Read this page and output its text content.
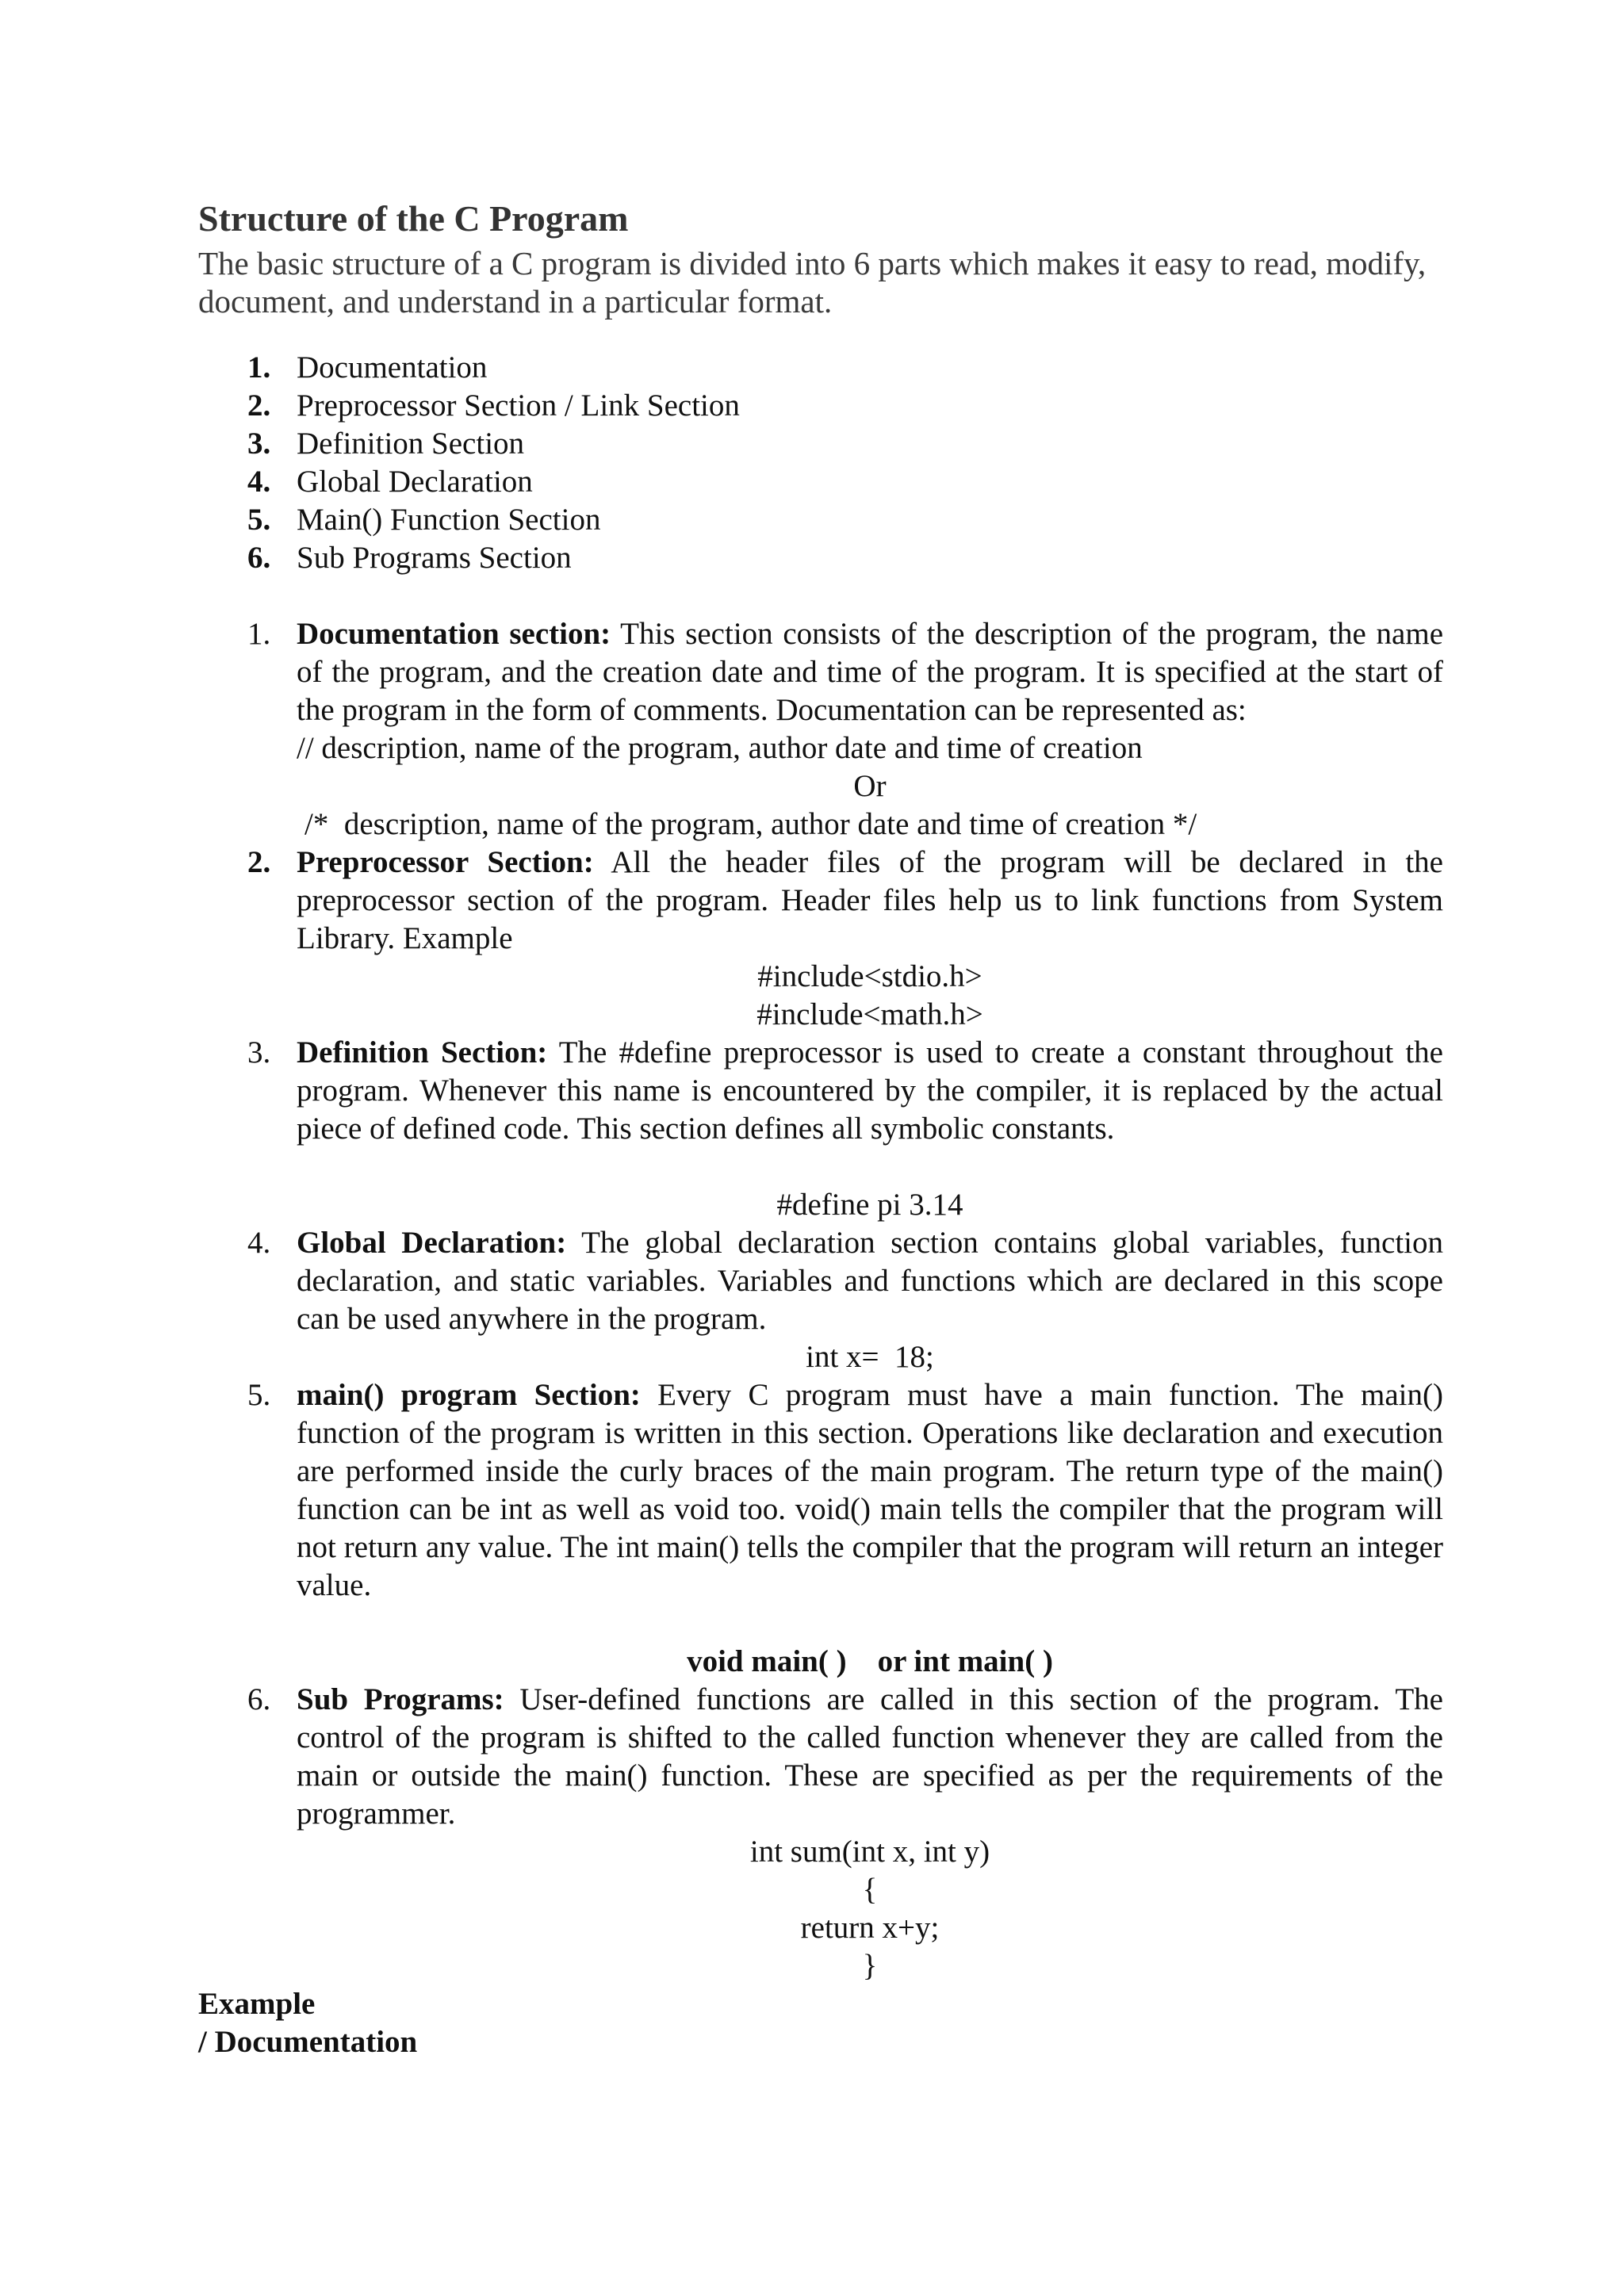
Structure of the C Program

The basic structure of a C program is divided into 6 parts which makes it easy to read, modify, document, and understand in a particular format.

1. Documentation
2. Preprocessor Section / Link Section
3. Definition Section
4. Global Declaration
5. Main() Function Section
6. Sub Programs Section
1. Documentation section: This section consists of the description of the program, the name of the program, and the creation date and time of the program. It is specified at the start of the program in the form of comments. Documentation can be represented as:
// description, name of the program, author date and time of creation
Or
/*  description, name of the program, author date and time of creation */
2. Preprocessor Section: All the header files of the program will be declared in the preprocessor section of the program. Header files help us to link functions from System Library. Example
#include<stdio.h>
#include<math.h>
3. Definition Section: The #define preprocessor is used to create a constant throughout the program. Whenever this name is encountered by the compiler, it is replaced by the actual piece of defined code. This section defines all symbolic constants.
#define pi 3.14
4. Global Declaration: The global declaration section contains global variables, function declaration, and static variables. Variables and functions which are declared in this scope can be used anywhere in the program.
int x=  18;
5. main() program Section: Every C program must have a main function. The main() function of the program is written in this section. Operations like declaration and execution are performed inside the curly braces of the main program. The return type of the main() function can be int as well as void too. void() main tells the compiler that the program will not return any value. The int main() tells the compiler that the program will return an integer value.
void main( )    or int main( )
6. Sub Programs: User-defined functions are called in this section of the program. The control of the program is shifted to the called function whenever they are called from the main or outside the main() function. These are specified as per the requirements of the programmer.
int sum(int x, int y)
{
return x+y;
}

Example

/ Documentation
